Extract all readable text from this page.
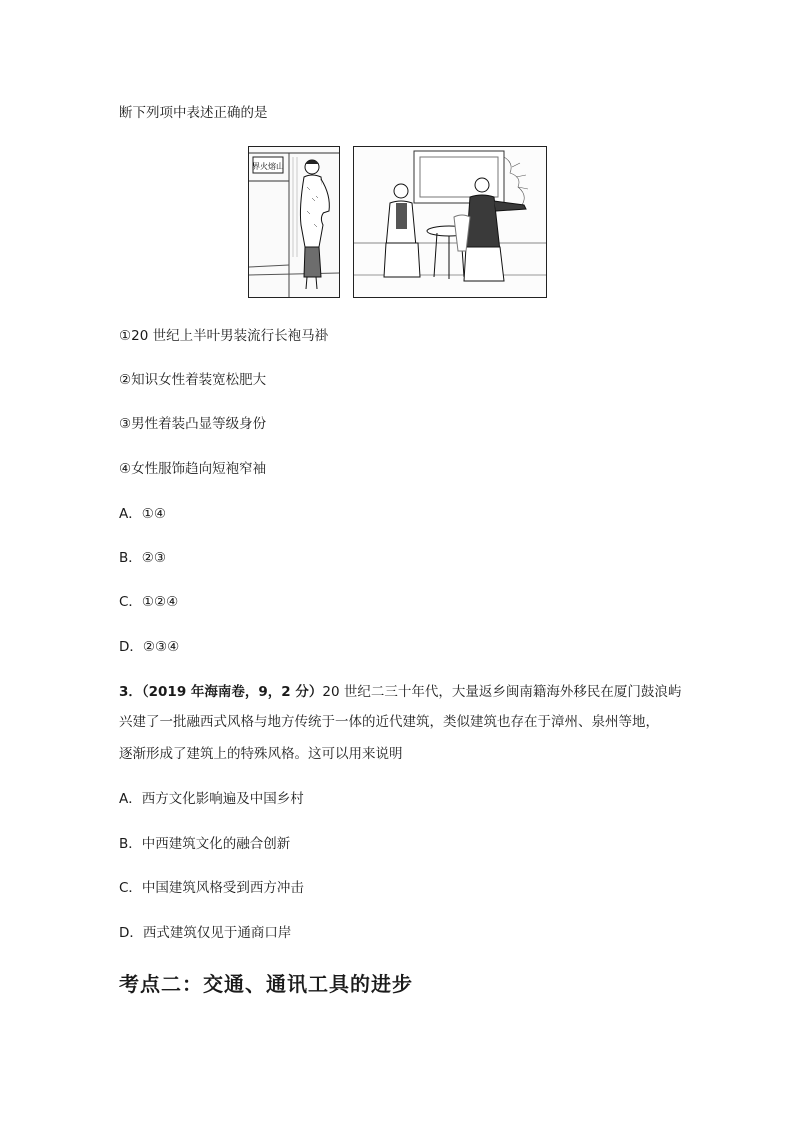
断下列项中表述正确的是
界火熔山
①20 世纪上半叶男装流行长袍马褂
②知识女性着装宽松肥大
③男性着装凸显等级身份
④女性服饰趋向短袍窄袖
A．①④
B．②③
C．①②④
D．②③④
3．（2019 年海南卷，9，2 分）20 世纪二三十年代，大量返乡闽南籍海外移民在厦门鼓浪屿
兴建了一批融西式风格与地方传统于一体的近代建筑，类似建筑也存在于漳州、泉州等地，
逐渐形成了建筑上的特殊风格。这可以用来说明
A．西方文化影响遍及中国乡村
B．中西建筑文化的融合创新
C．中国建筑风格受到西方冲击
D．西式建筑仅见于通商口岸
考点二：交通、通讯工具的进步
